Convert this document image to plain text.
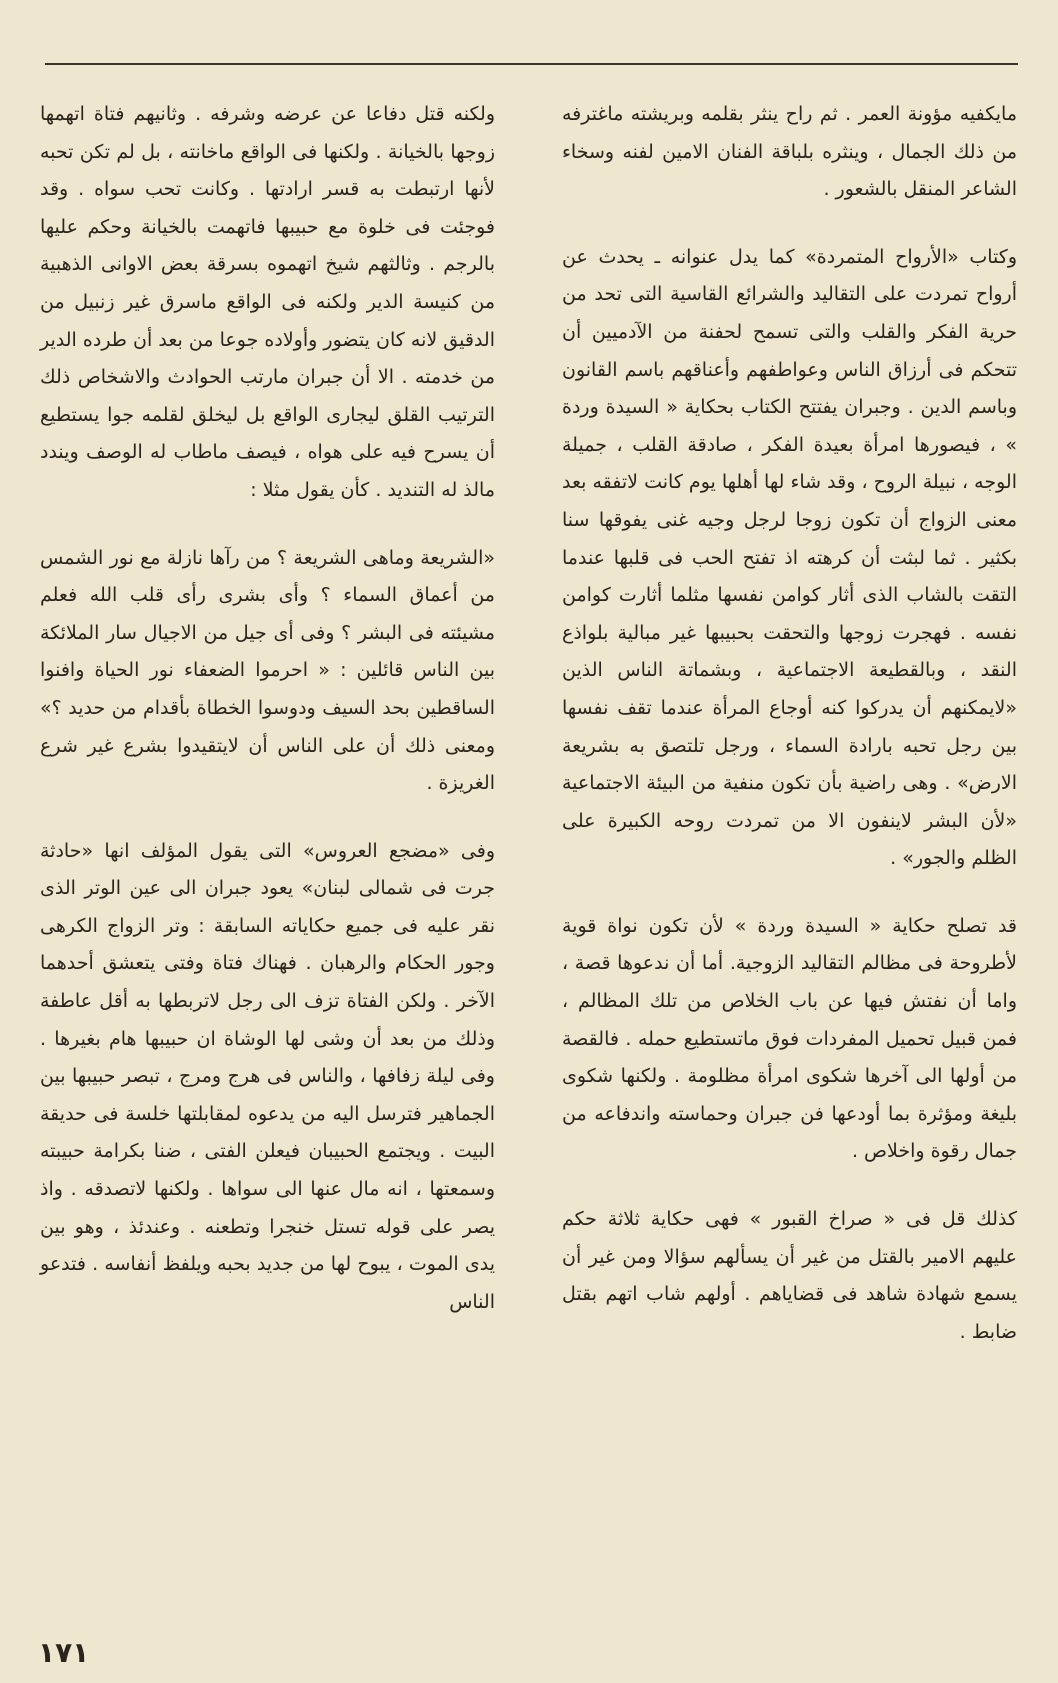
مايكفيه مؤونة العمر . ثم راح ينثر بقلمه وبريشته ماغترفه من ذلك الجمال ، وينثره بلباقة الفنان الامين لفنه وسخاء الشاعر المنقل بالشعور .

وكتاب «الأرواح المتمردة» كما يدل عنوانه ـ يحدث عن أرواح تمردت على التقاليد والشرائع القاسية التى تحد من حرية الفكر والقلب والتى تسمح لحفنة من الآدميين أن تتحكم فى أرزاق الناس وعواطفهم وأعناقهم باسم القانون وباسم الدين . وجبران يفتتح الكتاب بحكاية « السيدة وردة » ، فيصورها امرأة بعيدة الفكر ، صادقة القلب ، جميلة الوجه ، نبيلة الروح ، وقد شاء لها أهلها يوم كانت لاتفقه بعد معنى الزواج أن تكون زوجا لرجل وجيه غنى يفوقها سنا بكثير . ثما لبثت أن كرهته اذ تفتح الحب فى قلبها عندما التقت بالشاب الذى أثار كوامن نفسها مثلما أثارت كوامن نفسه . فهجرت زوجها والتحقت بحبيبها غير مبالية بلواذع النقد ، وبالقطيعة الاجتماعية ، وبشماتة الناس الذين «لايمكنهم أن يدركوا كنه أوجاع المرأة عندما تقف نفسها بين رجل تحبه بارادة السماء ، ورجل تلتصق به بشريعة الارض» . وهى راضية بأن تكون منفية من البيئة الاجتماعية «لأن البشر لاينفون الا من تمردت روحه الكبيرة على الظلم والجور» .

قد تصلح حكاية « السيدة وردة » لأن تكون نواة قوية لأطروحة فى مظالم التقاليد الزوجية. أما أن ندعوها قصة ، واما أن نفتش فيها عن باب الخلاص من تلك المظالم ، فمن قبيل تحميل المفردات فوق ماتستطيع حمله . فالقصة من أولها الى آخرها شكوى امرأة مظلومة . ولكنها شكوى بليغة ومؤثرة بما أودعها فن جبران وحماسته واندفاعه من جمال رقوة واخلاص .

كذلك قل فى « صراخ القبور » فهى حكاية ثلاثة حكم عليهم الامير بالقتل من غير أن يسألهم سؤالا ومن غير أن يسمع شهادة شاهد فى قضاياهم . أولهم شاب اتهم بقتل ضابط .

ولكنه قتل دفاعا عن عرضه وشرفه . وثانيهم فتاة اتهمها زوجها بالخيانة . ولكنها فى الواقع ماخانته ، بل لم تكن تحبه لأنها ارتبطت به قسر ارادتها . وكانت تحب سواه . وقد فوجئت فى خلوة مع حبيبها فاتهمت بالخيانة وحكم عليها بالرجم . وثالثهم شيخ اتهموه بسرقة بعض الاوانى الذهبية من كنيسة الدير ولكنه فى الواقع ماسرق غير زنبيل من الدقيق لانه كان يتضور وأولاده جوعا من بعد أن طرده الدير من خدمته . الا أن جبران مارتب الحوادث والاشخاص ذلك الترتيب القلق ليجارى الواقع بل ليخلق لقلمه جوا يستطيع أن يسرح فيه على هواه ، فيصف ماطاب له الوصف ويندد مالذ له التنديد . كأن يقول مثلا :

«الشريعة وماهى الشريعة ؟ من رآها نازلة مع نور الشمس من أعماق السماء ؟ وأى بشرى رأى قلب الله فعلم مشيئته فى البشر ؟ وفى أى جيل من الاجيال سار الملائكة بين الناس قائلين : « احرموا الضعفاء نور الحياة وافنوا الساقطين بحد السيف ودوسوا الخطاة بأقدام من حديد ؟» ومعنى ذلك أن على الناس أن لايتقيدوا بشرع غير شرع الغريزة .

وفى «مضجع العروس» التى يقول المؤلف انها «حادثة جرت فى شمالى لبنان» يعود جبران الى عين الوتر الذى نقر عليه فى جميع حكاياته السابقة : وتر الزواج الكرهى وجور الحكام والرهبان . فهناك فتاة وفتى يتعشق أحدهما الآخر . ولكن الفتاة تزف الى رجل لاتربطها به أقل عاطفة وذلك من بعد أن وشى لها الوشاة ان حبيبها هام بغيرها . وفى ليلة زفافها ، والناس فى هرج ومرج ، تبصر حبيبها بين الجماهير فترسل اليه من يدعوه لمقابلتها خلسة فى حديقة البيت . ويجتمع الحبيبان فيعلن الفتى ، ضنا بكرامة حبيبته وسمعتها ، انه مال عنها الى سواها . ولكنها لاتصدقه . واذ يصر على قوله تستل خنجرا وتطعنه . وعندئذ ، وهو بين يدى الموت ، يبوح لها من جديد بحبه ويلفظ أنفاسه . فتدعو الناس

١٧١
